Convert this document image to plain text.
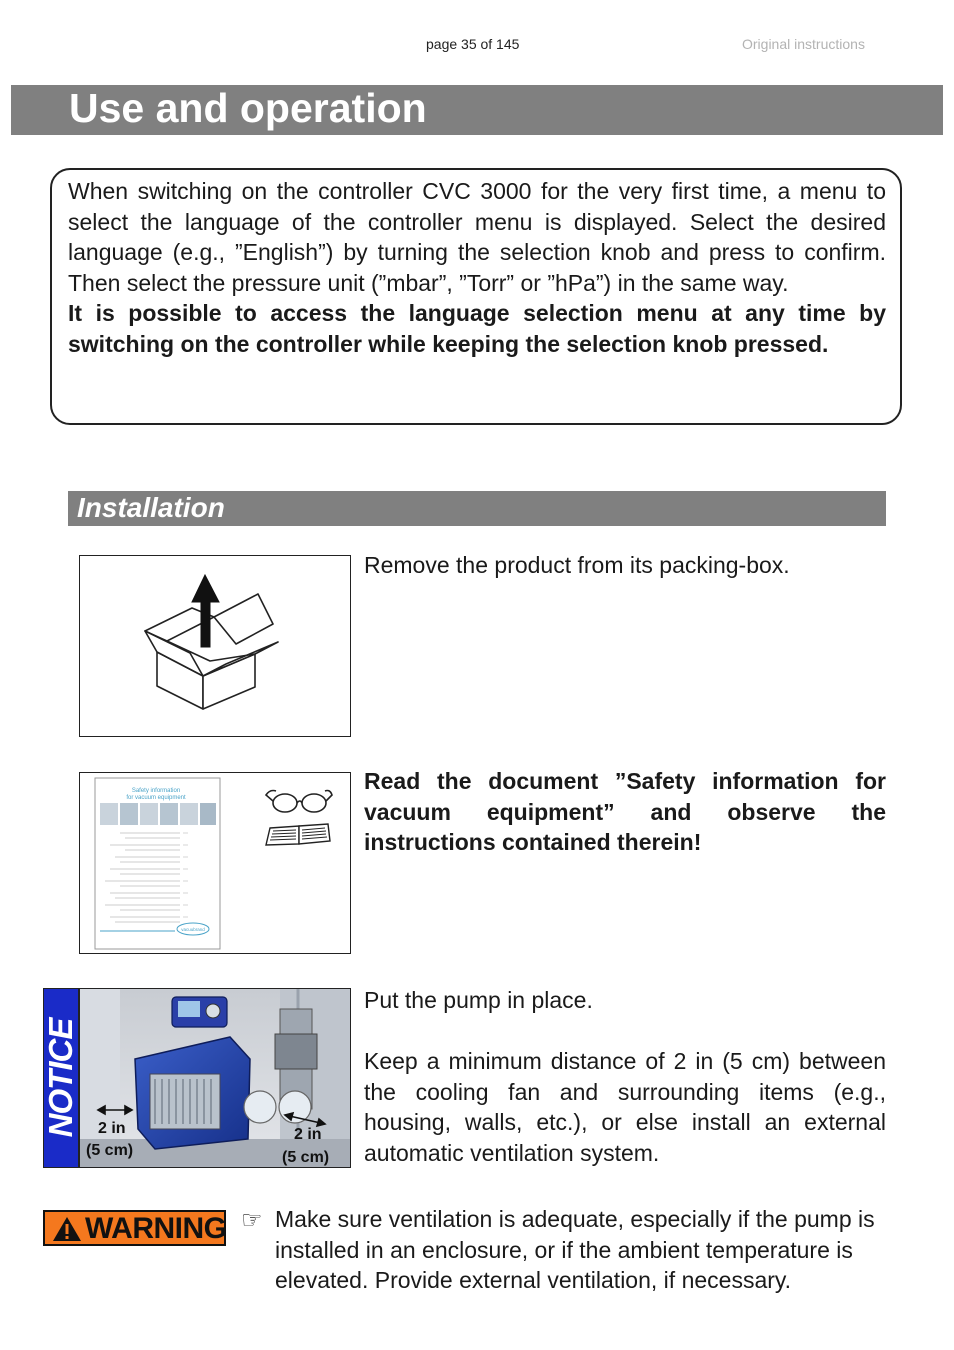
page 35 of 145	Original instructions
Use and operation

When switching on the controller CVC 3000 for the very first time, a menu to select the language of the controller menu is displayed. Select the desired language (e.g., ”English”) by turning the selection knob and press to confirm. Then select the pressure unit (”mbar”, ”Torr” or ”hPa”) in the same way.

It is possible to access the language selection menu at any time by switching on the controller while keeping the selection knob pressed.

Installation
Remove the product from its packing-box.
Safety information
for vacuum equipment
vacuubrand
Read the document ”Safety information for vacuum equipment” and observe the instructions contained therein!
NOTICE 2 in
(5 cm)
2 in
(5 cm)

Put the pump in place.

Keep a minimum distance of 2 in (5 cm) between the cooling fan and surrounding items (e.g., housing, walls, etc.), or else install an external automatic ventilation system.

WARNING ☞ Make sure ventilation is adequate, especially if the pump is installed in an enclosure, or if the ambient temperature is elevated. Provide external ventilation, if necessary.
